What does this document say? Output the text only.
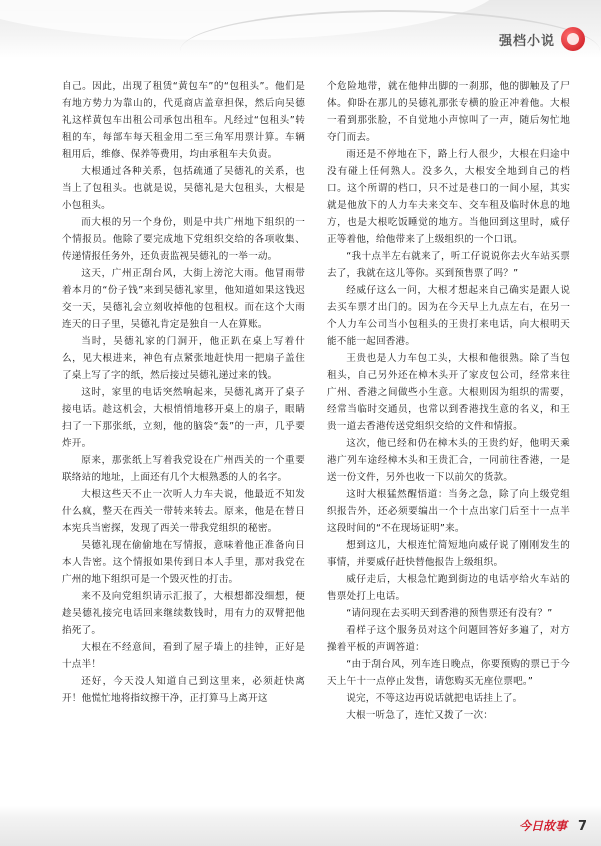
强档小说

自己。因此，出现了租赁“黄包车”的“包租头”。他们是有地方势力为靠山的，代觅商店盖章担保，然后向吴德礼这样黄包车出租公司承包出租车。凡经过“包租头”转租的车，每部车每天租金用二至三角军用票计算。车辆租用后，维修、保养等费用，均由承租车夫负责。

大根通过各种关系，包括疏通了吴德礼的关系，也当上了包租头。也就是说，吴德礼是大包租头，大根是小包租头。

而大根的另一个身份，则是中共广州地下组织的一个情报员。他除了要完成地下党组织交给的各项收集、传递情报任务外，还负责监视吴德礼的一举一动。

这天，广州正刮台风，大街上滂沱大雨。他冒雨带着本月的“份子钱”来到吴德礼家里，他知道如果这钱迟交一天，吴德礼会立刻收掉他的包租权。而在这个大雨连天的日子里，吴德礼肯定是独自一人在算账。

当时，吴德礼家的门洞开，他正趴在桌上写着什么，见大根进来，神色有点紧张地赶快用一把扇子盖住了桌上写了字的纸，然后接过吴德礼递过来的钱。

这时，家里的电话突然响起来，吴德礼离开了桌子接电话。趁这机会，大根悄悄地移开桌上的扇子，眼睛扫了一下那张纸，立刻，他的脑袋“轰”的一声，几乎要炸开。

原来，那张纸上写着我党设在广州西关的一个重要联络站的地址，上面还有几个大根熟悉的人的名字。

大根这些天不止一次听人力车夫说，他最近不知发什么疯，整天在西关一带转来转去。原来，他是在替日本宪兵当密探，发现了西关一带我党组织的秘密。

吴德礼现在偷偷地在写情报，意味着他正准备向日本人告密。这个情报如果传到日本人手里，那对我党在广州的地下组织可是一个毁灭性的打击。

来不及向党组织请示汇报了，大根想都没细想，便趁吴德礼接完电话回来继续数钱时，用有力的双臂把他掐死了。

大根在不经意间，看到了屋子墙上的挂钟，正好是十点半！

还好，今天没人知道自己到这里来，必须赶快离开！他慌忙地将指纹擦干净，正打算马上离开这

个危险地带，就在他伸出脚的一刹那，他的脚触及了尸体。仰卧在那儿的吴德礼那张专横的脸正冲着他。大根一看到那张脸，不自觉地小声惊叫了一声，随后匆忙地夺门而去。

雨还是不停地在下，路上行人很少，大根在归途中没有碰上任何熟人。没多久，大根安全地到自己的档口。这个所谓的档口，只不过是巷口的一间小屋，其实就是他放下的人力车夫来交车、交车租及临时休息的地方，也是大根吃饭睡觉的地方。当他回到这里时，威仔正等着他，给他带来了上级组织的一个口讯。

“我十点半左右就来了，听工仔说说你去火车站买票去了，我就在这儿等你。买到预售票了吗？”

经威仔这么一问，大根才想起来自己确实是跟人说去买车票才出门的。因为在今天早上九点左右，在另一个人力车公司当小包租头的王贵打来电话，向大根明天能不能一起回香港。

王贵也是人力车包工头，大根和他很熟。除了当包租头，自己另外还在樟木头开了家皮包公司，经常来往广州、香港之间做些小生意。大根则因为组织的需要，经常当临时交通员，也常以到香港找生意的名义，和王贵一道去香港传送党组织交给的文件和情报。

这次，他已经和仍在樟木头的王贵约好，他明天乘港广列车途经樟木头和王贵汇合，一同前往香港，一是送一份文件，另外也收一下以前欠的货款。

这时大根猛然醒悟道：当务之急，除了向上级党组织报告外，还必须要编出一个十点出家门后至十一点半这段时间的“不在现场证明”来。

想到这儿，大根连忙简短地向威仔说了刚刚发生的事情，并要威仔赶快替他报告上级组织。

威仔走后，大根急忙跑到街边的电话亭给火车站的售票处打上电话。

“请问现在去买明天到香港的预售票还有没有？”

看样子这个服务员对这个问题回答好多遍了，对方操着平板的声调答道：

“由于刮台风，列车连日晚点，你要预购的票已于今天上午十一点停止发售，请您购买无座位票吧。”

说完，不等这边再说话就把电话挂上了。

大根一听急了，连忙又拨了一次：

今日故事 7
